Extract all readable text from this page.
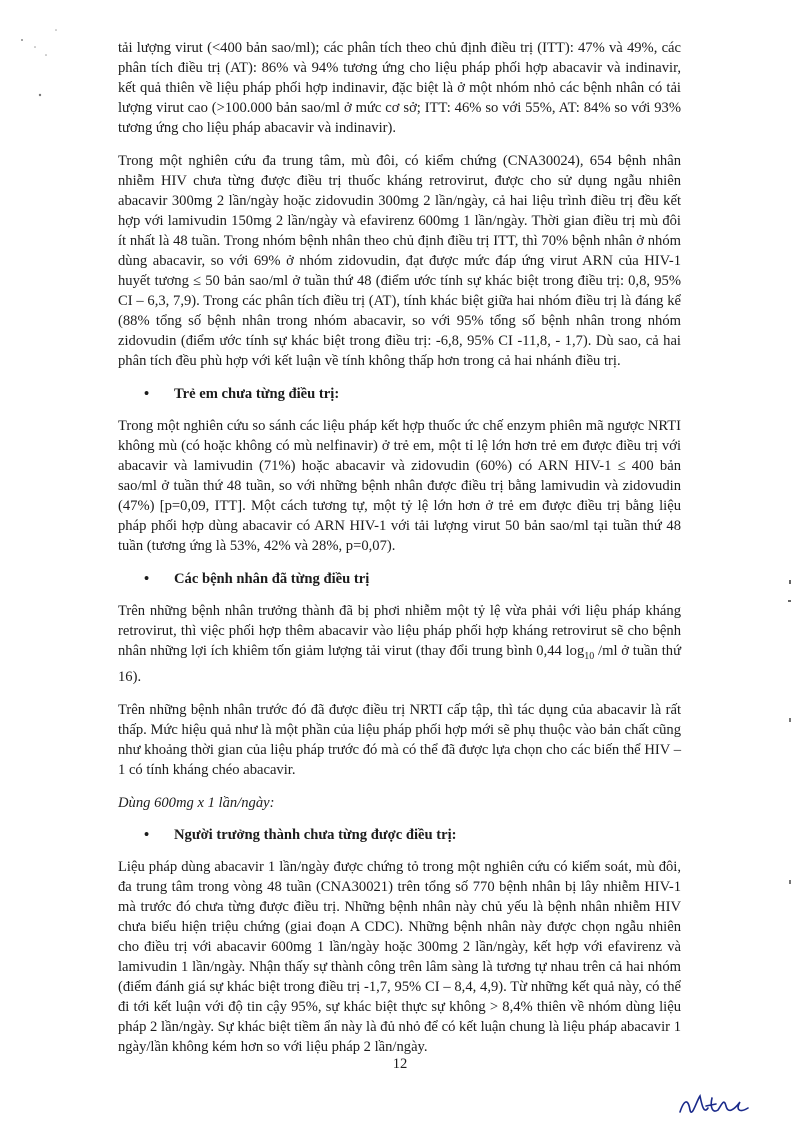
tải lượng virut (<400 bản sao/ml); các phân tích theo chủ định điều trị (ITT): 47% và 49%, các phân tích điều trị (AT): 86% và 94% tương ứng cho liệu pháp phối hợp abacavir và indinavir, kết quả thiên về liệu pháp phối hợp indinavir, đặc biệt là ở một nhóm nhỏ các bệnh nhân có tải lượng virut cao (>100.000 bản sao/ml ở mức cơ sở; ITT: 46% so với 55%, AT: 84% so với 93% tương ứng cho liệu pháp abacavir và indinavir).

Trong một nghiên cứu đa trung tâm, mù đôi, có kiểm chứng (CNA30024), 654 bệnh nhân nhiễm HIV chưa từng được điều trị thuốc kháng retrovirut, được cho sử dụng ngẫu nhiên abacavir 300mg 2 lần/ngày hoặc zidovudin 300mg 2 lần/ngày, cả hai liệu trình điều trị đều kết hợp với lamivudin 150mg 2 lần/ngày và efavirenz 600mg 1 lần/ngày. Thời gian điều trị mù đôi ít nhất là 48 tuần. Trong nhóm bệnh nhân theo chủ định điều trị ITT, thì 70% bệnh nhân ở nhóm dùng abacavir, so với 69% ở nhóm zidovudin, đạt được mức đáp ứng virut ARN của HIV-1 huyết tương ≤ 50 bản sao/ml ở tuần thứ 48 (điểm ước tính sự khác biệt trong điều trị: 0,8, 95% CI – 6,3, 7,9). Trong các phân tích điều trị (AT), tính khác biệt giữa hai nhóm điều trị là đáng kể (88% tổng số bệnh nhân trong nhóm abacavir, so với 95% tổng số bệnh nhân trong nhóm zidovudin (điểm ước tính sự khác biệt trong điều trị: -6,8, 95% CI -11,8, - 1,7). Dù sao, cả hai phân tích đều phù hợp với kết luận về tính không thấp hơn trong cả hai nhánh điều trị.

•	Trẻ em chưa từng điều trị:

Trong một nghiên cứu so sánh các liệu pháp kết hợp thuốc ức chế enzym phiên mã ngược NRTI không mù (có hoặc không có mù nelfinavir) ở trẻ em, một tỉ lệ lớn hơn trẻ em được điều trị với abacavir và lamivudin (71%) hoặc abacavir và zidovudin (60%) có ARN HIV-1 ≤ 400 bản sao/ml ở tuần thứ 48 tuần, so với những bệnh nhân được điều trị bằng lamivudin và zidovudin (47%) [p=0,09, ITT]. Một cách tương tự, một tỷ lệ lớn hơn ở trẻ em được điều trị bằng liệu pháp phối hợp dùng abacavir có ARN HIV-1 với tải lượng virut 50 bản sao/ml tại tuần thứ 48 tuần (tương ứng là 53%, 42% và 28%, p=0,07).

•	Các bệnh nhân đã từng điều trị

Trên những bệnh nhân trưởng thành đã bị phơi nhiễm một tỷ lệ vừa phải với liệu pháp kháng retrovirut, thì việc phối hợp thêm abacavir vào liệu pháp phối hợp kháng retrovirut sẽ cho bệnh nhân những lợi ích khiêm tốn giảm lượng tải virut (thay đổi trung bình 0,44 $\log_{10} /ml$ ở tuần thứ 16).

Trên những bệnh nhân trước đó đã được điều trị NRTI cấp tập, thì tác dụng của abacavir là rất thấp. Mức hiệu quả như là một phần của liệu pháp phối hợp mới sẽ phụ thuộc vào bản chất cũng như khoảng thời gian của liệu pháp trước đó mà có thể đã được lựa chọn cho các biến thể HIV – 1 có tính kháng chéo abacavir.

Dùng 600mg x 1 lần/ngày:

•	Người trưởng thành chưa từng được điều trị:

Liệu pháp dùng abacavir 1 lần/ngày được chứng tỏ trong một nghiên cứu có kiểm soát, mù đôi, đa trung tâm trong vòng 48 tuần (CNA30021) trên tổng số 770 bệnh nhân bị lây nhiễm HIV-1 mà trước đó chưa từng được điều trị. Những bệnh nhân này chủ yếu là bệnh nhân nhiễm HIV chưa biểu hiện triệu chứng (giai đoạn A CDC). Những bệnh nhân này được chọn ngẫu nhiên cho điều trị với abacavir 600mg 1 lần/ngày hoặc 300mg 2 lần/ngày, kết hợp với efavirenz và lamivudin 1 lần/ngày. Nhận thấy sự thành công trên lâm sàng là tương tự nhau trên cả hai nhóm (điểm đánh giá sự khác biệt trong điều trị -1,7, 95% CI – 8,4, 4,9). Từ những kết quả này, có thể đi tới kết luận với độ tin cậy 95%, sự khác biệt thực sự không > 8,4% thiên về nhóm dùng liệu pháp 2 lần/ngày. Sự khác biệt tiềm ẩn này là đủ nhỏ để có kết luận chung là liệu pháp abacavir 1 ngày/lần không kém hơn so với liệu pháp 2 lần/ngày.

12
